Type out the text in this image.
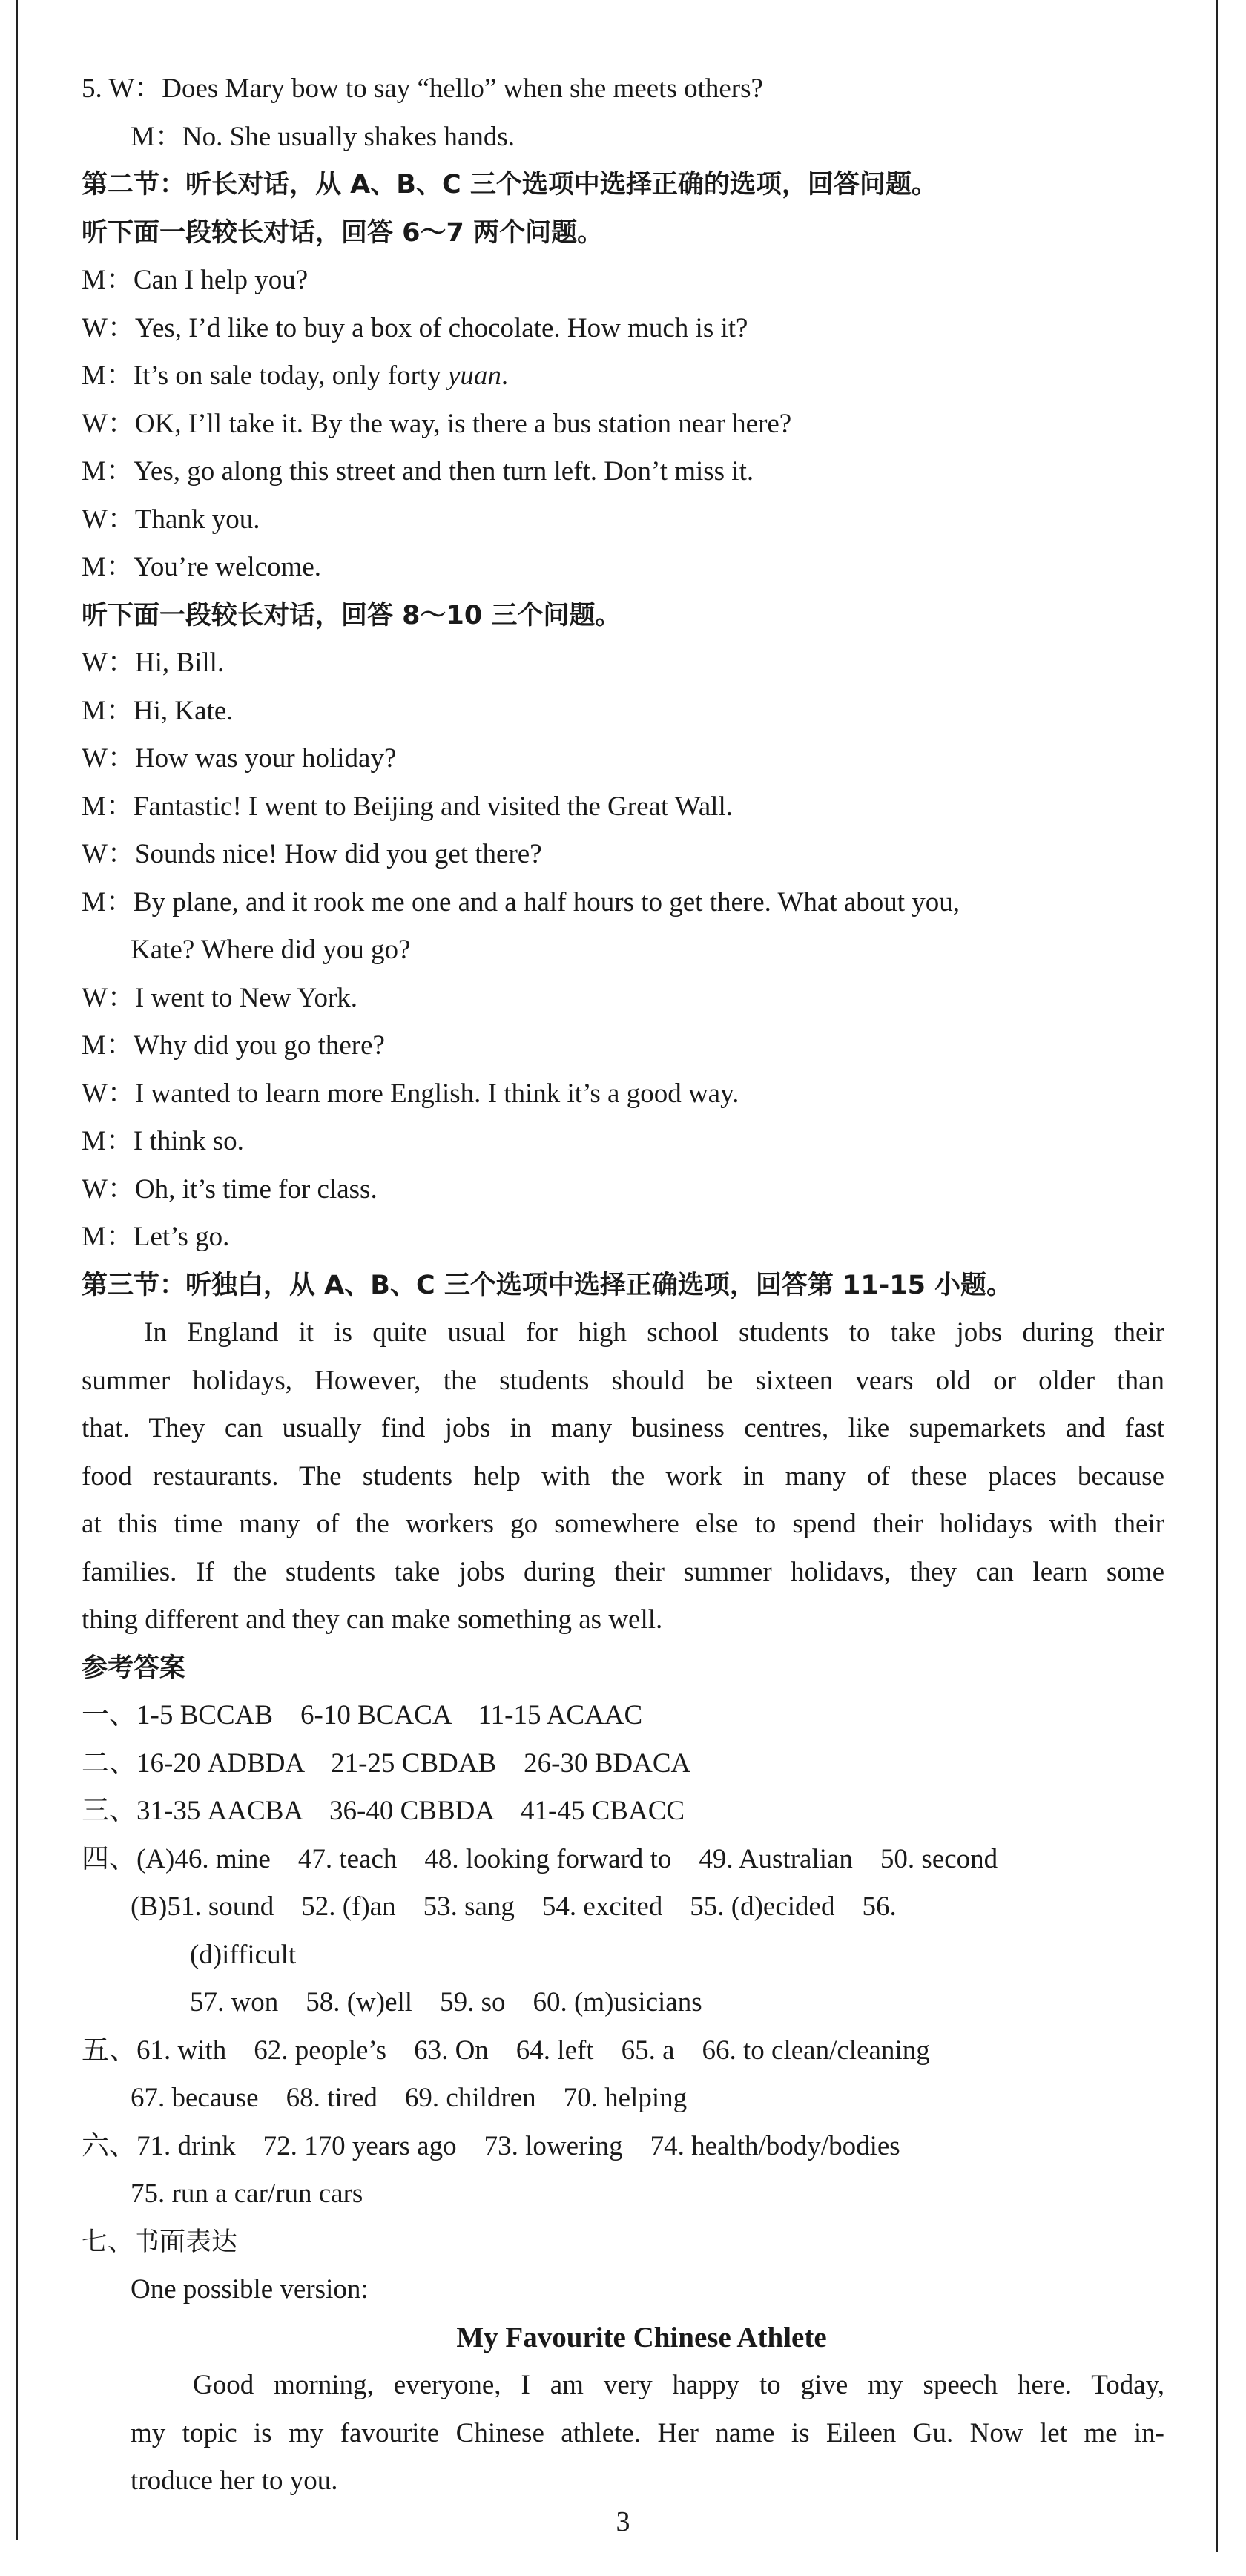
5. W：Does Mary bow to say “hello” when she meets others?
M：No. She usually shakes hands.
第二节：听长对话，从 A、B、C 三个选项中选择正确的选项，回答问题。
听下面一段较长对话，回答 6～7 两个问题。
M：Can I help you?
W：Yes, I’d like to buy a box of chocolate. How much is it?
M：It’s on sale today, only forty yuan.
W：OK, I’ll take it. By the way, is there a bus station near here?
M：Yes, go along this street and then turn left. Don’t miss it.
W：Thank you.
M：You’re welcome.
听下面一段较长对话，回答 8～10 三个问题。
W：Hi, Bill.
M：Hi, Kate.
W：How was your holiday?
M：Fantastic! I went to Beijing and visited the Great Wall.
W：Sounds nice! How did you get there?
M：By plane, and it rook me one and a half hours to get there. What about you,
Kate? Where did you go?
W：I went to New York.
M：Why did you go there?
W：I wanted to learn more English. I think it’s a good way.
M：I think so.
W：Oh, it’s time for class.
M：Let’s go.
第三节：听独白，从 A、B、C 三个选项中选择正确选项，回答第 11-15 小题。
In England it is quite usual for high school students to take jobs during their
summer holidays, However, the students should be sixteen vears old or older than
that. They can usually find jobs in many business centres, like supemarkets and fast
food restaurants. The students help with the work in many of these places because
at this time many of the workers go somewhere else to spend their holidays with their
families. If the students take jobs during their summer holidavs, they can learn some
thing different and they can make something as well.
参考答案
一、1-5 BCCAB    6-10 BCACA    11-15 ACAAC
二、16-20 ADBDA    21-25 CBDAB    26-30 BDACA
三、31-35 AACBA    36-40 CBBDA    41-45 CBACC
四、(A)46. mine    47. teach    48. looking forward to    49. Australian    50. second
(B)51. sound    52. (f)an    53. sang    54. excited    55. (d)ecided    56.
(d)ifficult
57. won    58. (w)ell    59. so    60. (m)usicians
五、61. with    62. people’s    63. On    64. left    65. a    66. to clean/cleaning
67. because    68. tired    69. children    70. helping
六、71. drink    72. 170 years ago    73. lowering    74. health/body/bodies
75. run a car/run cars
七、书面表达
One possible version:
My Favourite Chinese Athlete
Good morning, everyone, I am very happy to give my speech here. Today,
my topic is my favourite Chinese athlete. Her name is Eileen Gu. Now let me in-
troduce her to you.
3
